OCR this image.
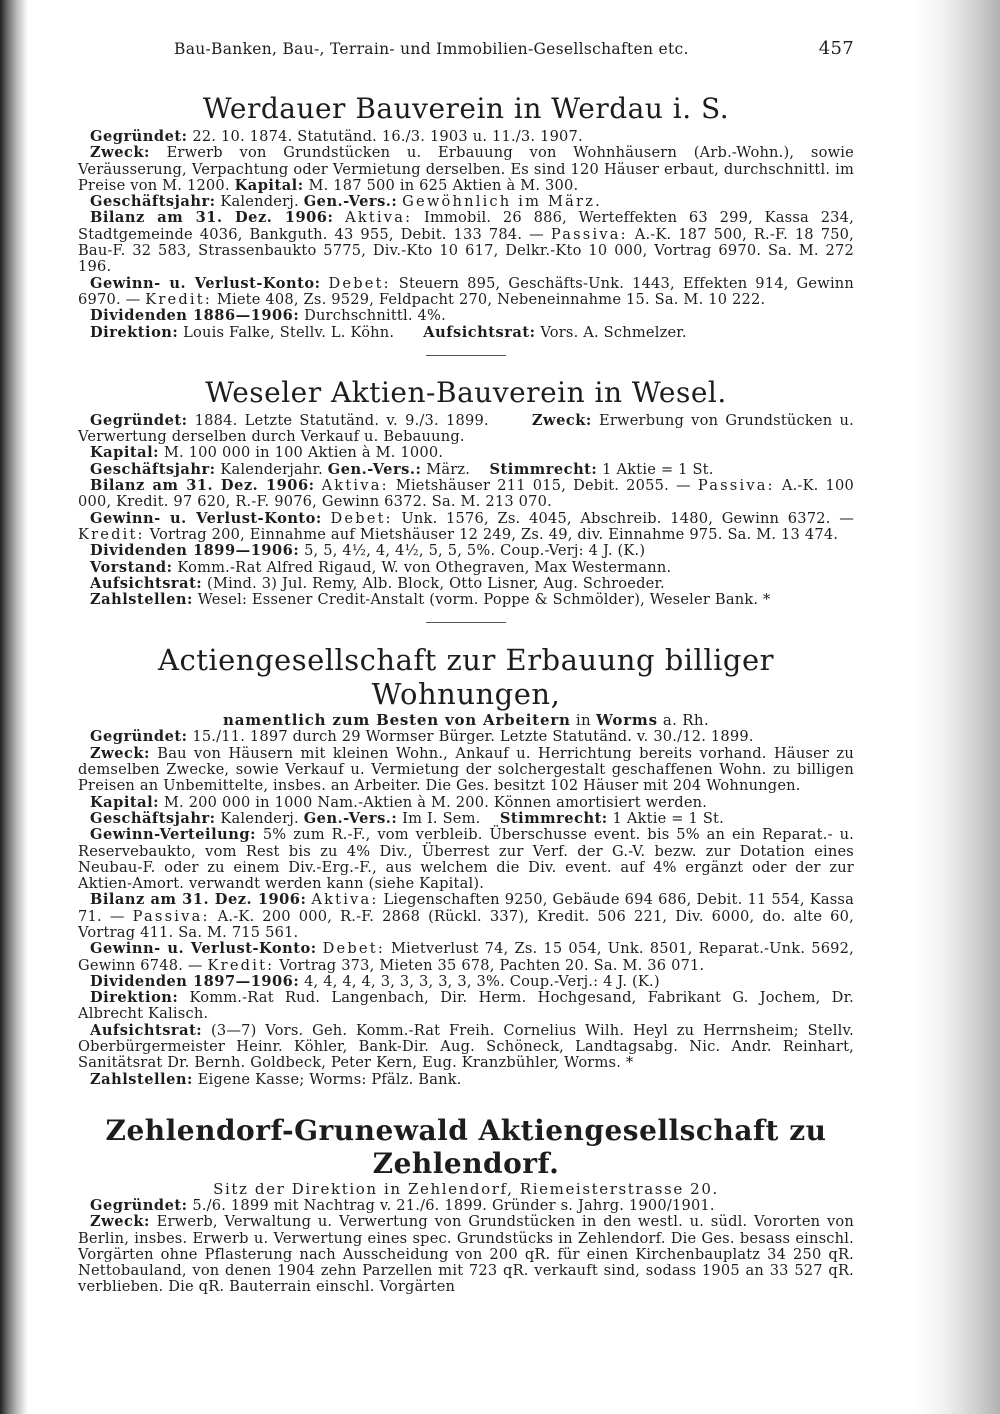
Bau-Banken, Bau-, Terrain- und Immobilien-Gesellschaften etc.	457
Werdauer Bauverein in Werdau i. S.

Gegründet: 22. 10. 1874. Statutänd. 16./3. 1903 u. 11./3. 1907.

Zweck: Erwerb von Grundstücken u. Erbauung von Wohnhäusern (Arb.-Wohn.), sowie Veräusserung, Verpachtung oder Vermietung derselben. Es sind 120 Häuser erbaut, durchschnittl. im Preise von M. 1200. Kapital: M. 187 500 in 625 Aktien à M. 300.

Geschäftsjahr: Kalenderj. Gen.-Vers.: Gewöhnlich im März.

Bilanz am 31. Dez. 1906: Aktiva: Immobil. 26 886, Werteffekten 63 299, Kassa 234, Stadtgemeinde 4036, Bankguth. 43 955, Debit. 133 784. — Passiva: A.-K. 187 500, R.-F. 18 750, Bau-F. 32 583, Strassenbaukto 5775, Div.-Kto 10 617, Delkr.-Kto 10 000, Vortrag 6970. Sa. M. 272 196.

Gewinn- u. Verlust-Konto: Debet: Steuern 895, Geschäfts-Unk. 1443, Effekten 914, Gewinn 6970. — Kredit: Miete 408, Zs. 9529, Feldpacht 270, Nebeneinnahme 15. Sa. M. 10 222.

Dividenden 1886—1906: Durchschnittl. 4%.

Direktion: Louis Falke, Stellv. L. Köhn. Aufsichtsrat: Vors. A. Schmelzer.

Weseler Aktien-Bauverein in Wesel.

Gegründet: 1884. Letzte Statutänd. v. 9./3. 1899.	Zweck: Erwerbung von Grundstücken u. Verwertung derselben durch Verkauf u. Bebauung.

Kapital: M. 100 000 in 100 Aktien à M. 1000.

Geschäftsjahr: Kalenderjahr. Gen.-Vers.: März. Stimmrecht: 1 Aktie = 1 St.

Bilanz am 31. Dez. 1906: Aktiva: Mietshäuser 211 015, Debit. 2055. — Passiva: A.-K. 100 000, Kredit. 97 620, R.-F. 9076, Gewinn 6372. Sa. M. 213 070.

Gewinn- u. Verlust-Konto: Debet: Unk. 1576, Zs. 4045, Abschreib. 1480, Gewinn 6372. — Kredit: Vortrag 200, Einnahme auf Mietshäuser 12 249, Zs. 49, div. Einnahme 975. Sa. M. 13 474.

Dividenden 1899—1906: 5, 5, 4½, 4, 4½, 5, 5, 5%. Coup.-Verj: 4 J. (K.)

Vorstand: Komm.-Rat Alfred Rigaud, W. von Othegraven, Max Westermann.

Aufsichtsrat: (Mind. 3) Jul. Remy, Alb. Block, Otto Lisner, Aug. Schroeder.

Zahlstellen: Wesel: Essener Credit-Anstalt (vorm. Poppe & Schmölder), Weseler Bank. *

Actiengesellschaft zur Erbauung billiger Wohnungen,
namentlich zum Besten von Arbeitern in Worms a. Rh.

Gegründet: 15./11. 1897 durch 29 Wormser Bürger. Letzte Statutänd. v. 30./12. 1899.

Zweck: Bau von Häusern mit kleinen Wohn., Ankauf u. Herrichtung bereits vorhand. Häuser zu demselben Zwecke, sowie Verkauf u. Vermietung der solchergestalt geschaffenen Wohn. zu billigen Preisen an Unbemittelte, insbes. an Arbeiter. Die Ges. besitzt 102 Häuser mit 204 Wohnungen.

Kapital: M. 200 000 in 1000 Nam.-Aktien à M. 200. Können amortisiert werden.

Geschäftsjahr: Kalenderj. Gen.-Vers.: Im I. Sem. Stimmrecht: 1 Aktie = 1 St.

Gewinn-Verteilung: 5% zum R.-F., vom verbleib. Überschusse event. bis 5% an ein Reparat.- u. Reservebaukto, vom Rest bis zu 4% Div., Überrest zur Verf. der G.-V. bezw. zur Dotation eines Neubau-F. oder zu einem Div.-Erg.-F., aus welchem die Div. event. auf 4% ergänzt oder der zur Aktien-Amort. verwandt werden kann (siehe Kapital).

Bilanz am 31. Dez. 1906: Aktiva: Liegenschaften 9250, Gebäude 694 686, Debit. 11 554, Kassa 71. — Passiva: A.-K. 200 000, R.-F. 2868 (Rückl. 337), Kredit. 506 221, Div. 6000, do. alte 60, Vortrag 411. Sa. M. 715 561.

Gewinn- u. Verlust-Konto: Debet: Mietverlust 74, Zs. 15 054, Unk. 8501, Reparat.-Unk. 5692, Gewinn 6748. — Kredit: Vortrag 373, Mieten 35 678, Pachten 20. Sa. M. 36 071.

Dividenden 1897—1906: 4, 4, 4, 4, 3, 3, 3, 3, 3, 3%. Coup.-Verj.: 4 J. (K.)

Direktion: Komm.-Rat Rud. Langenbach, Dir. Herm. Hochgesand, Fabrikant G. Jochem, Dr. Albrecht Kalisch.

Aufsichtsrat: (3—7) Vors. Geh. Komm.-Rat Freih. Cornelius Wilh. Heyl zu Herrnsheim; Stellv. Oberbürgermeister Heinr. Köhler, Bank-Dir. Aug. Schöneck, Landtagsabg. Nic. Andr. Reinhart, Sanitätsrat Dr. Bernh. Goldbeck, Peter Kern, Eug. Kranzbühler, Worms. *

Zahlstellen: Eigene Kasse; Worms: Pfälz. Bank.

Zehlendorf-Grunewald Aktiengesellschaft zu Zehlendorf.
Sitz der Direktion in Zehlendorf, Riemeisterstrasse 20.

Gegründet: 5./6. 1899 mit Nachtrag v. 21./6. 1899. Gründer s. Jahrg. 1900/1901.

Zweck: Erwerb, Verwaltung u. Verwertung von Grundstücken in den westl. u. südl. Vororten von Berlin, insbes. Erwerb u. Verwertung eines spec. Grundstücks in Zehlendorf. Die Ges. besass einschl. Vorgärten ohne Pflasterung nach Ausscheidung von 200 qR. für einen Kirchenbauplatz 34 250 qR. Nettobauland, von denen 1904 zehn Parzellen mit 723 qR. verkauft sind, sodass 1905 an 33 527 qR. verblieben. Die qR. Bauterrain einschl. Vorgärten
